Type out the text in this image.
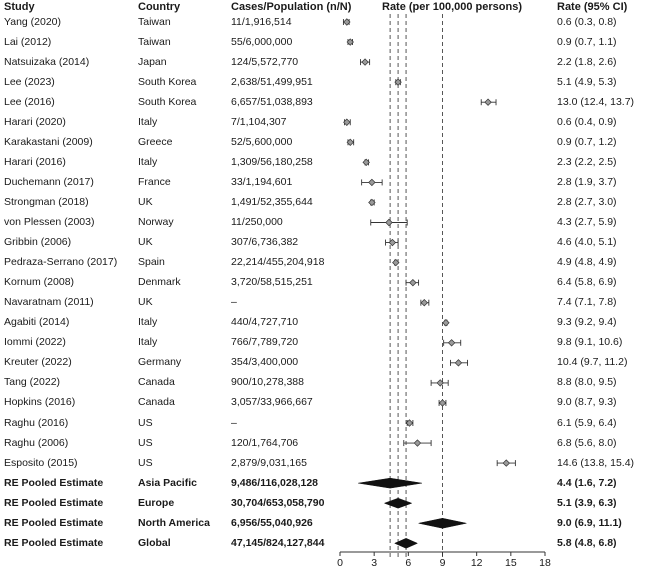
Study	Country	Cases/Population (n/N)	Rate (per 100,000 persons)	Rate (95% CI)
Yang (2020)	Taiwan	11/1,916,514	0.6 (0.3, 0.8)
Lai (2012)	Taiwan	55/6,000,000	0.9 (0.7, 1.1)
Natsuizaka (2014)	Japan	124/5,572,770	2.2 (1.8, 2.6)
Lee (2023)	South Korea	2,638/51,499,951	5.1 (4.9, 5.3)
Lee (2016)	South Korea	6,657/51,038,893	13.0 (12.4, 13.7)
Harari (2020)	Italy	7/1,104,307	0.6 (0.4, 0.9)
Karakastani (2009)	Greece	52/5,600,000	0.9 (0.7, 1.2)
Harari (2016)	Italy	1,309/56,180,258	2.3 (2.2, 2.5)
Duchemann (2017)	France	33/1,194,601	2.8 (1.9, 3.7)
Strongman (2018)	UK	1,491/52,355,644	2.8 (2.7, 3.0)
von Plessen (2003)	Norway	11/250,000	4.3 (2.7, 5.9)
Gribbin (2006)	UK	307/6,736,382	4.6 (4.0, 5.1)
Pedraza-Serrano (2017) Spain	22,214/455,204,918	4.9 (4.8, 4.9)
Kornum (2008)	Denmark	3,720/58,515,251	6.4 (5.8, 6.9)
Navaratnam (2011)	UK	–	7.4 (7.1, 7.8)
Agabiti (2014)	Italy	440/4,727,710	9.3 (9.2, 9.4)
Iommi (2022)	Italy	766/7,789,720	9.8 (9.1, 10.6)
Kreuter (2022)	Germany	354/3,400,000	10.4 (9.7, 11.2)
Tang (2022)	Canada	900/10,278,388	8.8 (8.0, 9.5)
Hopkins (2016)	Canada	3,057/33,966,667	9.0 (8.7, 9.3)
Raghu (2016)	US	–	6.1 (5.9, 6.4)
Raghu (2006)	US	120/1,764,706	6.8 (5.6, 8.0)
Esposito (2015)	US	2,879/9,031,165	14.6 (13.8, 15.4)
RE Pooled Estimate	Asia Pacific	9,486/116,028,128	4.4 (1.6, 7.2)
RE Pooled Estimate	Europe	30,704/653,058,790	5.1 (3.9, 6.3)
RE Pooled Estimate	North America 6,956/55,040,926	9.0 (6.9, 11.1)
RE Pooled Estimate	Global	47,145/824,127,844	5.8 (4.8, 6.8)
0	3	6	9 12 15 18
